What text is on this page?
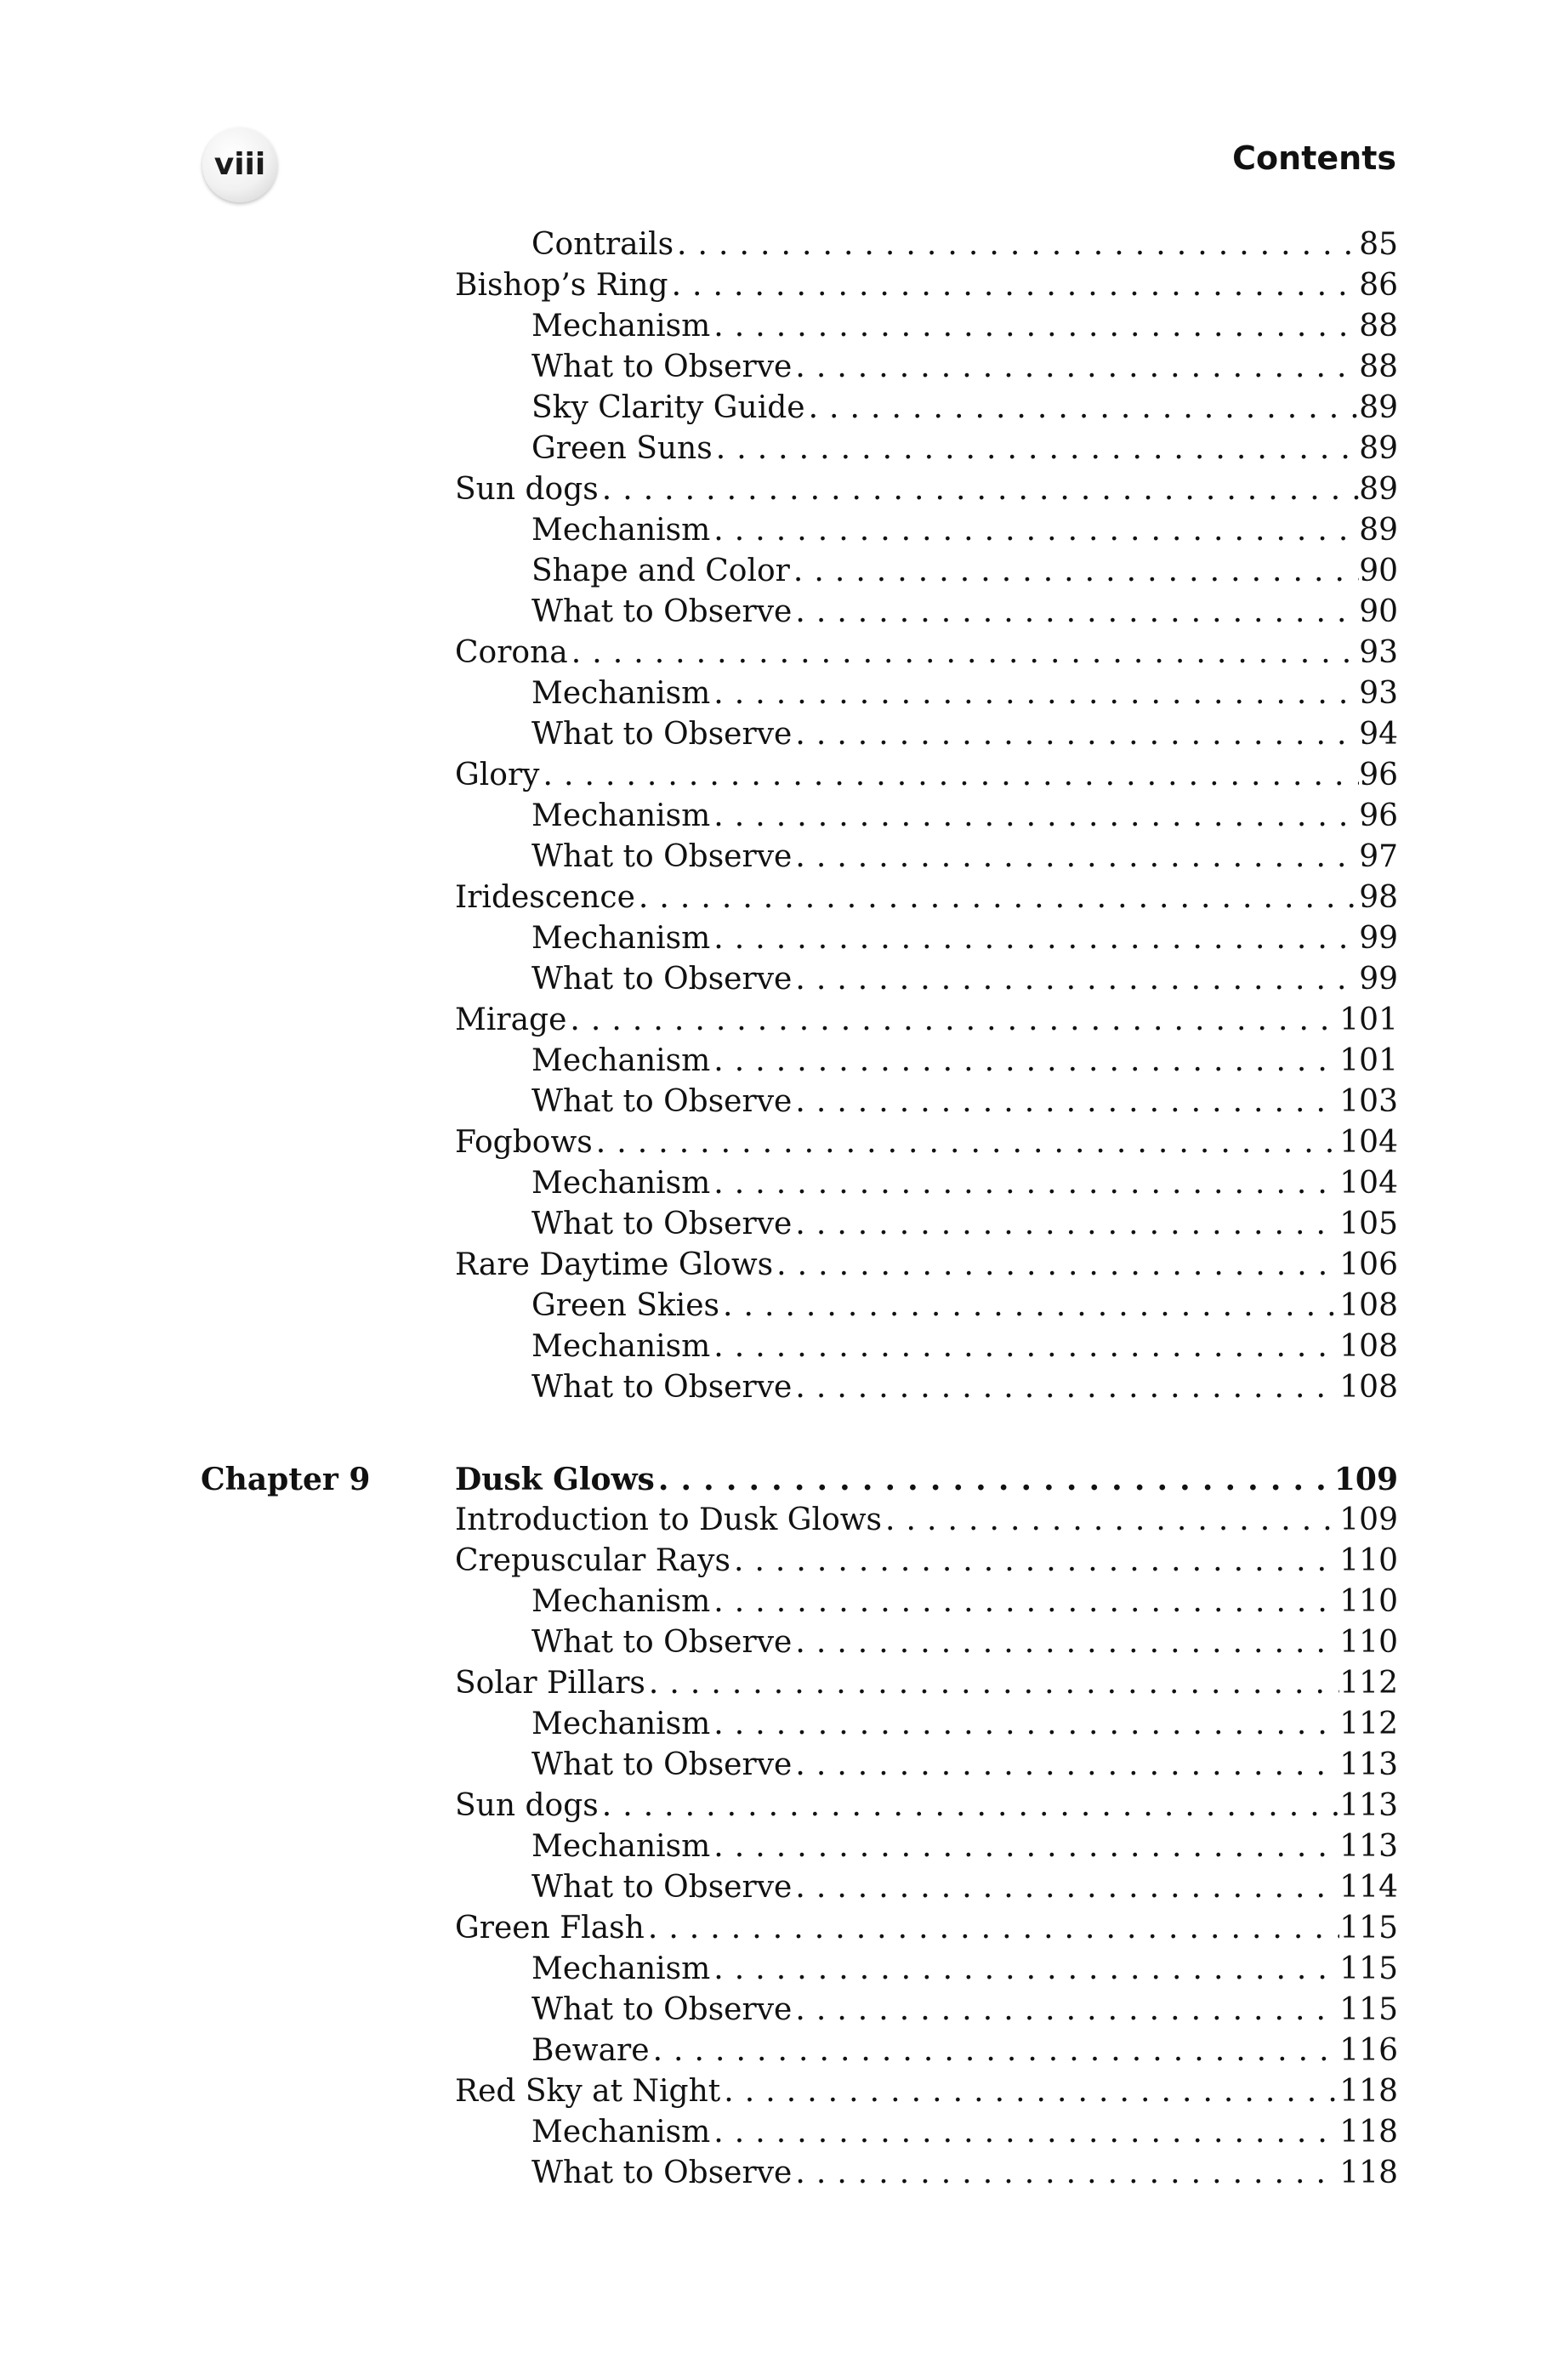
viii	Contents
Contrails . . .	85
Bishop’s Ring . . .	86
Mechanism . . .	88
What to Observe . . .	88
Sky Clarity Guide . . .	89
Green Suns . . .	89
Sun dogs . . .	89
Mechanism . . .	89
Shape and Color . . .	90
What to Observe . . .	90
Corona . . .	93
Mechanism . . .	93
What to Observe . . .	94
Glory . . .	96
Mechanism . . .	96
What to Observe . . .	97
Iridescence . . .	98
Mechanism . . .	99
What to Observe . . .	99
Mirage . . .	101
Mechanism . . .	101
What to Observe . . .	103
Fogbows . . .	104
Mechanism . . .	104
What to Observe . . .	105
Rare Daytime Glows . . .	106
Green Skies . . .	108
Mechanism . . .	108
What to Observe . . .	108
Chapter 9	Dusk Glows . . .	109
Introduction to Dusk Glows . . .	109
Crepuscular Rays . . .	110
Mechanism . . .	110
What to Observe . . .	110
Solar Pillars . . .	112
Mechanism . . .	112
What to Observe . . .	113
Sun dogs . . .	113
Mechanism . . .	113
What to Observe . . .	114
Green Flash . . .	115
Mechanism . . .	115
What to Observe . . .	115
Beware . . .	116
Red Sky at Night . . .	118
Mechanism . . .	118
What to Observe . . .	118
